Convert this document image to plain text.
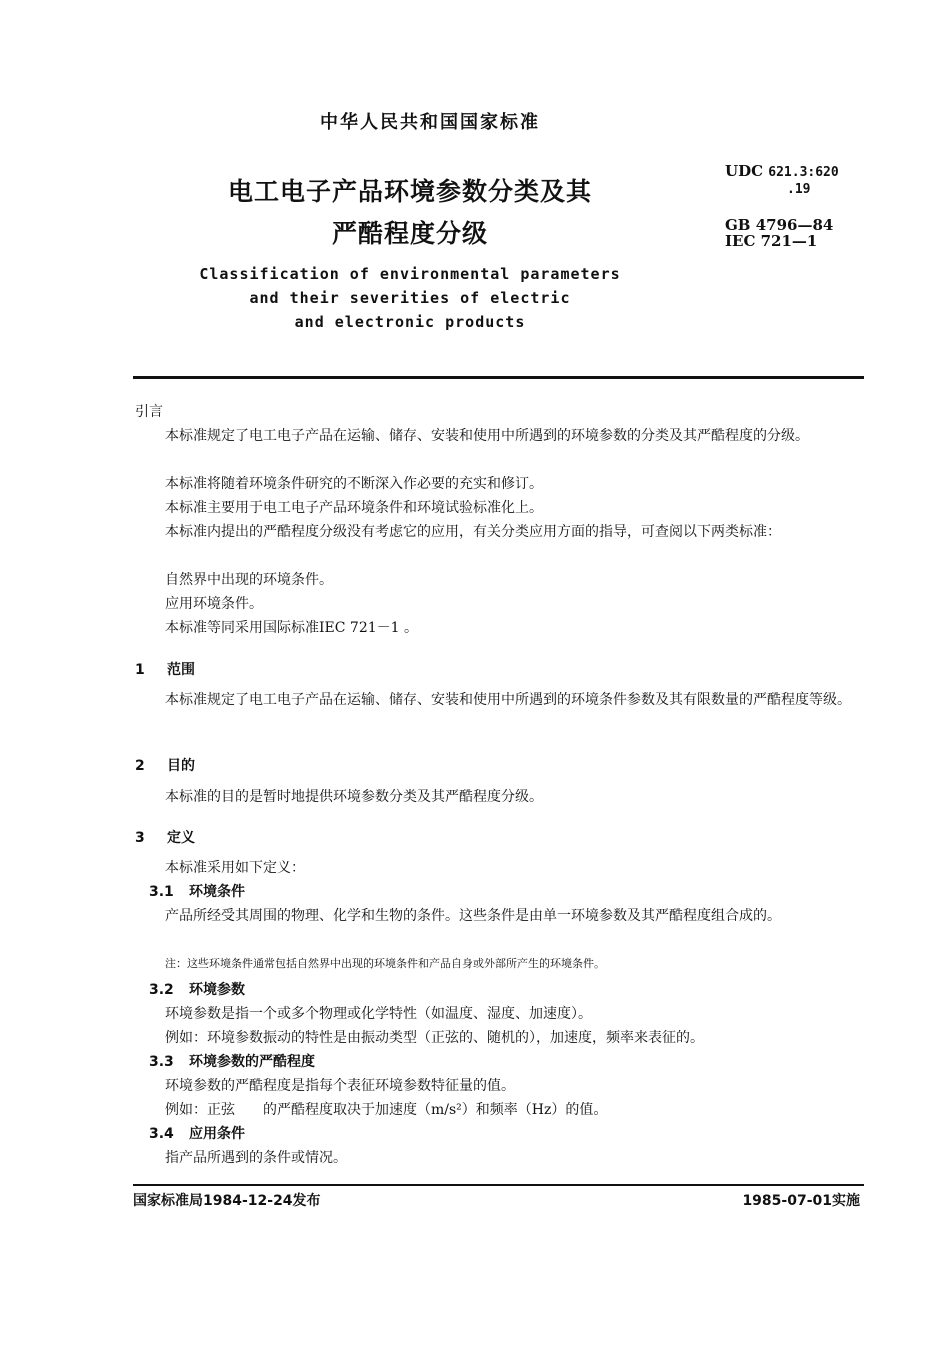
中华人民共和国国家标准
电工电子产品环境参数分类及其
严酷程度分级
Classification of environmental parameters
and their severities of electric
and electronic products
UDC 621.3:620
.19
GB 4796—84
IEC 721—1
引言
本标准规定了电工电子产品在运输、储存、安装和使用中所遇到的环境参数的分类及其严酷程度的分级。
本标准将随着环境条件研究的不断深入作必要的充实和修订。
本标准主要用于电工电子产品环境条件和环境试验标准化上。
本标准内提出的严酷程度分级没有考虑它的应用，有关分类应用方面的指导，可查阅以下两类标准：
自然界中出现的环境条件。
应用环境条件。
本标准等同采用国际标准IEC 721－1 。
1 范围
本标准规定了电工电子产品在运输、储存、安装和使用中所遇到的环境条件参数及其有限数量的严酷程度等级。
2 目的
本标准的目的是暂时地提供环境参数分类及其严酷程度分级。
3 定义
本标准采用如下定义：
3.1 环境条件
产品所经受其周围的物理、化学和生物的条件。这些条件是由单一环境参数及其严酷程度组合成的。
注：这些环境条件通常包括自然界中出现的环境条件和产品自身或外部所产生的环境条件。
3.2 环境参数
环境参数是指一个或多个物理或化学特性（如温度、湿度、加速度）。
例如：环境参数振动的特性是由振动类型（正弦的、随机的），加速度，频率来表征的。
3.3 环境参数的严酷程度
环境参数的严酷程度是指每个表征环境参数特征量的值。
例如：正弦　　的严酷程度取决于加速度（m/s²）和频率（Hz）的值。
3.4 应用条件
指产品所遇到的条件或情况。
国家标准局1984-12-24发布	1985-07-01实施
